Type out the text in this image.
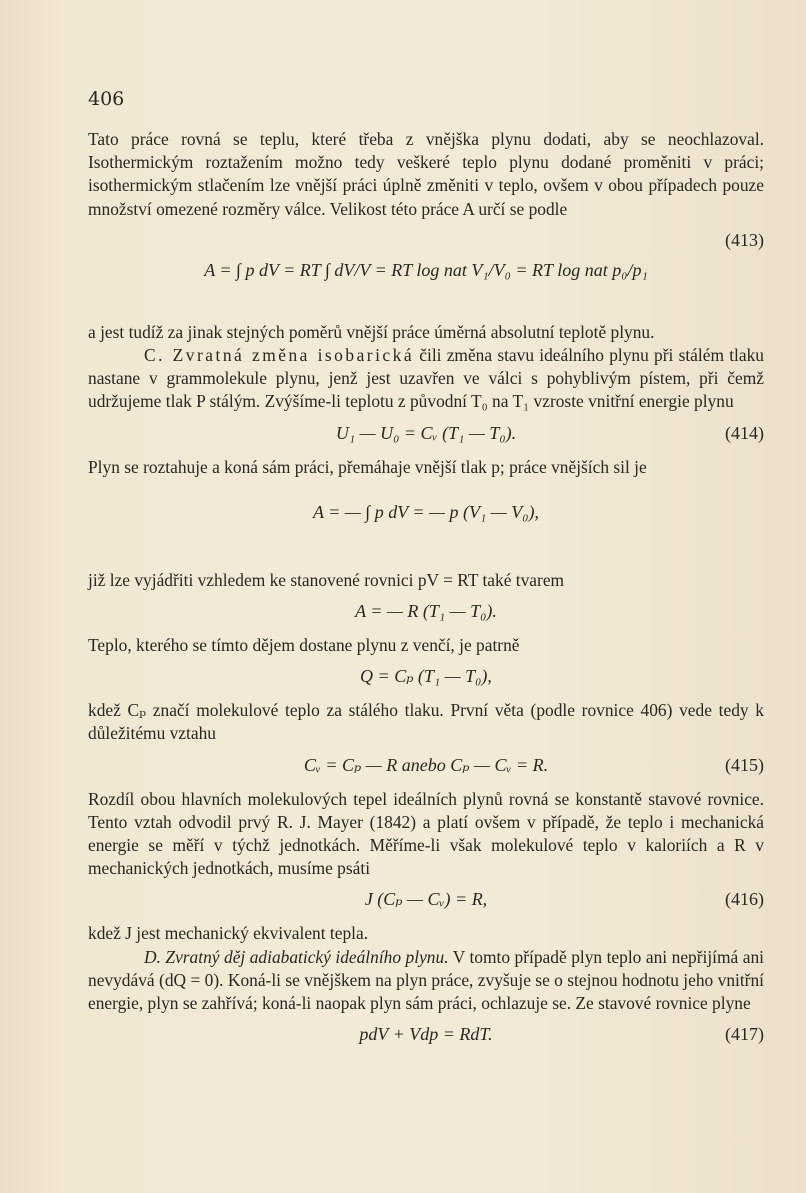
406

Tato práce rovná se teplu, které třeba z vnějška plynu dodati, aby se neochlazoval. Isothermickým roztažením možno tedy veškeré teplo plynu dodané proměniti v práci; isothermickým stlačením lze vnější práci úplně změniti v teplo, ovšem v obou případech pouze množství omezené rozměry válce. Velikost této práce A určí se podle

A = ∫ p dV = RT ∫ dV/V = RT log nat V₁/V₀ = RT log nat p₀/p₁
(413)

a jest tudíž za jinak stejných poměrů vnější práce úměrná absolutní teplotě plynu.

C. Zvratná změna isobarická čili změna stavu ideálního plynu při stálém tlaku nastane v grammolekule plynu, jenž jest uzavřen ve válci s pohyblivým pístem, při čemž udržujeme tlak P stálým. Zvýšíme-li teplotu z původní T₀ na T₁ vzroste vnitřní energie plynu

U₁ — U₀ = Cᵥ (T₁ — T₀).	(414)

Plyn se roztahuje a koná sám práci, přemáhaje vnější tlak p; práce vnějších sil je

A = — ∫ p dV = — p (V₁ — V₀),

již lze vyjádřiti vzhledem ke stanovené rovnici pV = RT také tvarem

A = — R (T₁ — T₀).

Teplo, kterého se tímto dějem dostane plynu z venčí, je patrně

Q = Cₚ (T₁ — T₀),

kdež Cₚ značí molekulové teplo za stálého tlaku. První věta (podle rovnice 406) vede tedy k důležitému vztahu

Cᵥ = Cₚ — R anebo Cₚ — Cᵥ = R.	(415)

Rozdíl obou hlavních molekulových tepel ideálních plynů rovná se konstantě stavové rovnice. Tento vztah odvodil prvý R. J. Mayer (1842) a platí ovšem v případě, že teplo i mechanická energie se měří v týchž jednotkách. Měříme-li však molekulové teplo v kaloriích a R v mechanických jednotkách, musíme psáti

J (Cₚ — Cᵥ) = R,	(416)

kdež J jest mechanický ekvivalent tepla.

D. Zvratný děj adiabatický ideálního plynu. V tomto případě plyn teplo ani nepřijímá ani nevydává (dQ = 0). Koná-li se vnějškem na plyn práce, zvyšuje se o stejnou hodnotu jeho vnitřní energie, plyn se zahřívá; koná-li naopak plyn sám práci, ochlazuje se. Ze stavové rovnice plyne

pdV + Vdp = RdT.	(417)
